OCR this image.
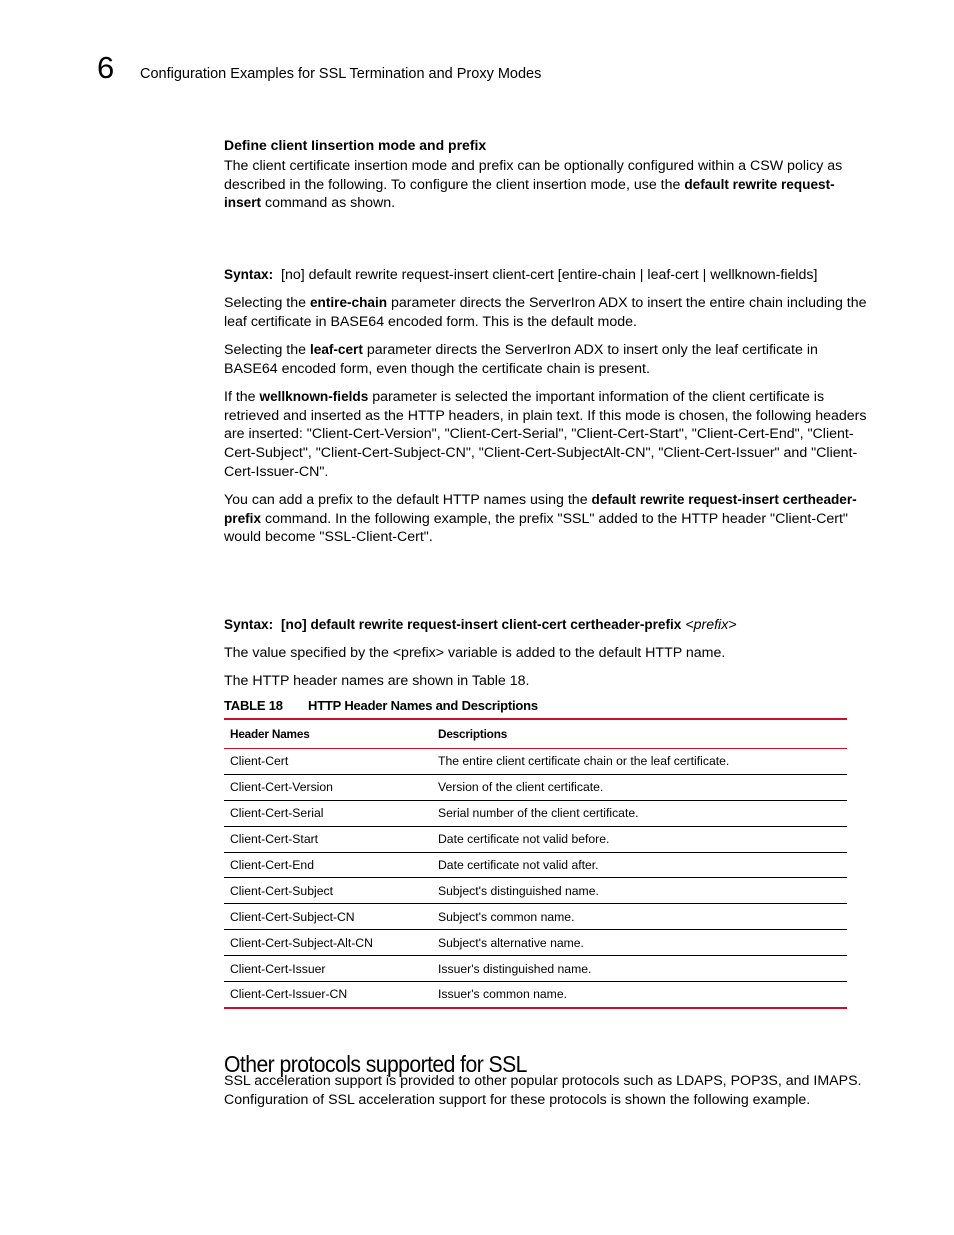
6 Configuration Examples for SSL Termination and Proxy Modes
Define client Iinsertion mode and prefix

The client certificate insertion mode and prefix can be optionally configured within a CSW policy as described in the following. To configure the client insertion mode, use the default rewrite request-insert command as shown.

Syntax: [no] default rewrite request-insert client-cert [entire-chain | leaf-cert | wellknown-fields]

Selecting the entire-chain parameter directs the ServerIron ADX to insert the entire chain including the leaf certificate in BASE64 encoded form. This is the default mode.

Selecting the leaf-cert parameter directs the ServerIron ADX to insert only the leaf certificate in BASE64 encoded form, even though the certificate chain is present.

If the wellknown-fields parameter is selected the important information of the client certificate is retrieved and inserted as the HTTP headers, in plain text. If this mode is chosen, the following headers are inserted: "Client-Cert-Version", "Client-Cert-Serial", "Client-Cert-Start", "Client-Cert-End", "Client-Cert-Subject", "Client-Cert-Subject-CN", "Client-Cert-SubjectAlt-CN", "Client-Cert-Issuer" and "Client-Cert-Issuer-CN".

You can add a prefix to the default HTTP names using the default rewrite request-insert certheader-prefix command. In the following example, the prefix "SSL" added to the HTTP header "Client-Cert" would become "SSL-Client-Cert".

Syntax: [no] default rewrite request-insert client-cert certheader-prefix <prefix>

The value specified by the <prefix> variable is added to the default HTTP name.

The HTTP header names are shown in Table 18.

TABLE 18 HTTP Header Names and Descriptions
Header Names	Descriptions
Client-Cert	The entire client certificate chain or the leaf certificate.
Client-Cert-Version	Version of the client certificate.
Client-Cert-Serial	Serial number of the client certificate.
Client-Cert-Start	Date certificate not valid before.
Client-Cert-End	Date certificate not valid after.
Client-Cert-Subject	Subject's distinguished name.
Client-Cert-Subject-CN	Subject's common name.
Client-Cert-Subject-Alt-CN	Subject's alternative name.
Client-Cert-Issuer	Issuer's distinguished name.
Client-Cert-Issuer-CN	Issuer's common name.
Other protocols supported for SSL

SSL acceleration support is provided to other popular protocols such as LDAPS, POP3S, and IMAPS. Configuration of SSL acceleration support for these protocols is shown the following example.
